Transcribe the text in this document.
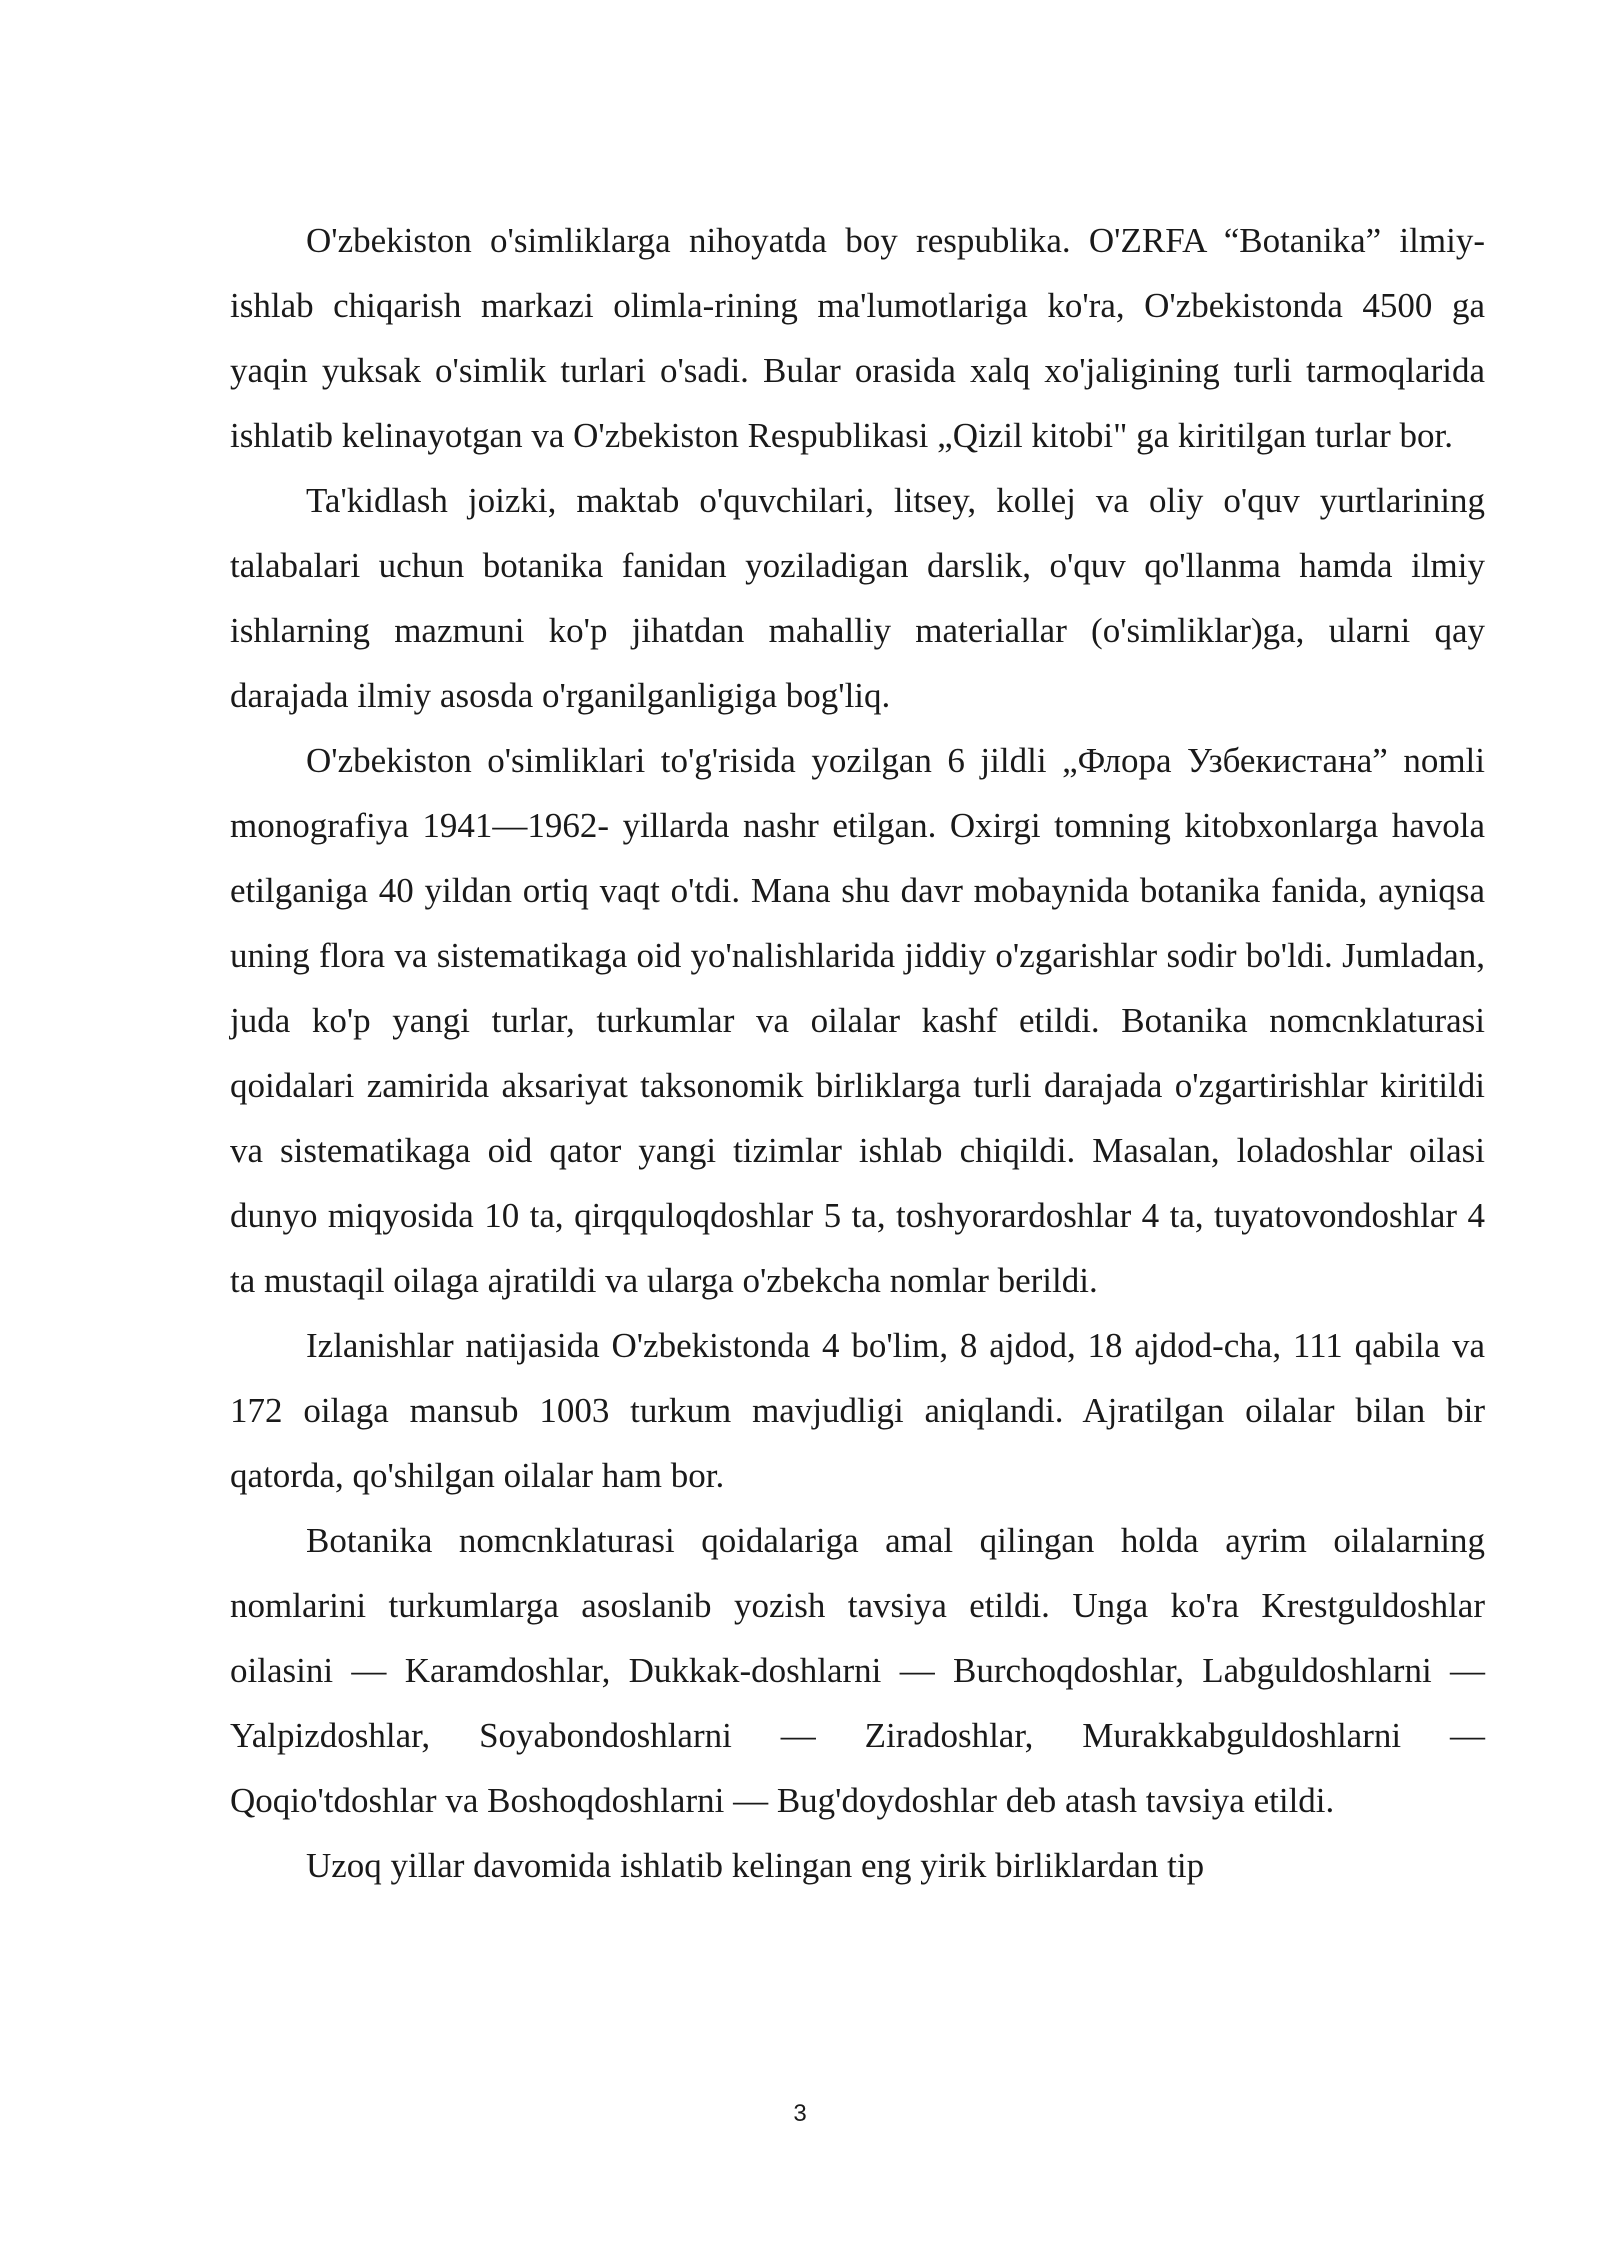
O'zbekiston o'simliklarga nihoyatda boy respublika. O'ZRFA “Botanika” ilmiy-ishlab chiqarish markazi olimla-rining ma'lumotlariga ko'ra, O'zbekistonda 4500 ga yaqin yuksak o'simlik turlari o'sadi. Bular orasida xalq xo'jaligining turli tarmoqlarida ishlatib kelinayotgan va O'zbekiston Respublikasi „Qizil kitobi" ga kiritilgan turlar bor.

Ta'kidlash joizki, maktab o'quvchilari, litsey, kollej va oliy o'quv yurtlarining talabalari uchun botanika fanidan yoziladigan darslik, o'quv qo'llanma hamda ilmiy ishlarning mazmuni ko'p jihatdan mahalliy materiallar (o'simliklar)ga, ularni qay darajada ilmiy asosda o'rganilganligiga bog'liq.

O'zbekiston o'simliklari to'g'risida yozilgan 6 jildli „Флора Узбекистана” nomli monografiya 1941—1962- yillarda nashr etilgan. Oxirgi tomning kitobxonlarga havola etilganiga 40 yildan ortiq vaqt o'tdi. Mana shu davr mobaynida botanika fanida, ayniqsa uning flora va sistematikaga oid yo'nalishlarida jiddiy o'zgarishlar sodir bo'ldi. Jumladan, juda ko'p yangi turlar, turkumlar va oilalar kashf etildi. Botanika nomcnklaturasi qoidalari zamirida aksariyat taksonomik birliklarga turli darajada o'zgartirishlar kiritildi va sistematikaga oid qator yangi tizimlar ishlab chiqildi. Masalan, loladoshlar oilasi dunyo miqyosida 10 ta, qirqquloqdoshlar 5 ta, toshyorardoshlar 4 ta, tuyatovondoshlar 4 ta mustaqil oilaga ajratildi va ularga o'zbekcha nomlar berildi.

Izlanishlar natijasida O'zbekistonda 4 bo'lim, 8 ajdod, 18 ajdod-cha, 111 qabila va 172 oilaga mansub 1003 turkum mavjudligi aniqlandi. Ajratilgan oilalar bilan bir qatorda, qo'shilgan oilalar ham bor.

Botanika nomcnklaturasi qoidalariga amal qilingan holda ayrim oilalarning nomlarini turkumlarga asoslanib yozish tavsiya etildi. Unga ko'ra Krestguldoshlar oilasini — Karamdoshlar, Dukkak-doshlarni — Burchoqdoshlar, Labguldoshlarni — Yalpizdoshlar, Soyabondoshlarni — Ziradoshlar, Murakkabguldoshlarni — Qoqio'tdoshlar va Boshoqdoshlarni — Bug'doydoshlar deb atash tavsiya etildi.

Uzoq yillar davomida ishlatib kelingan eng yirik birliklardan tip

3
